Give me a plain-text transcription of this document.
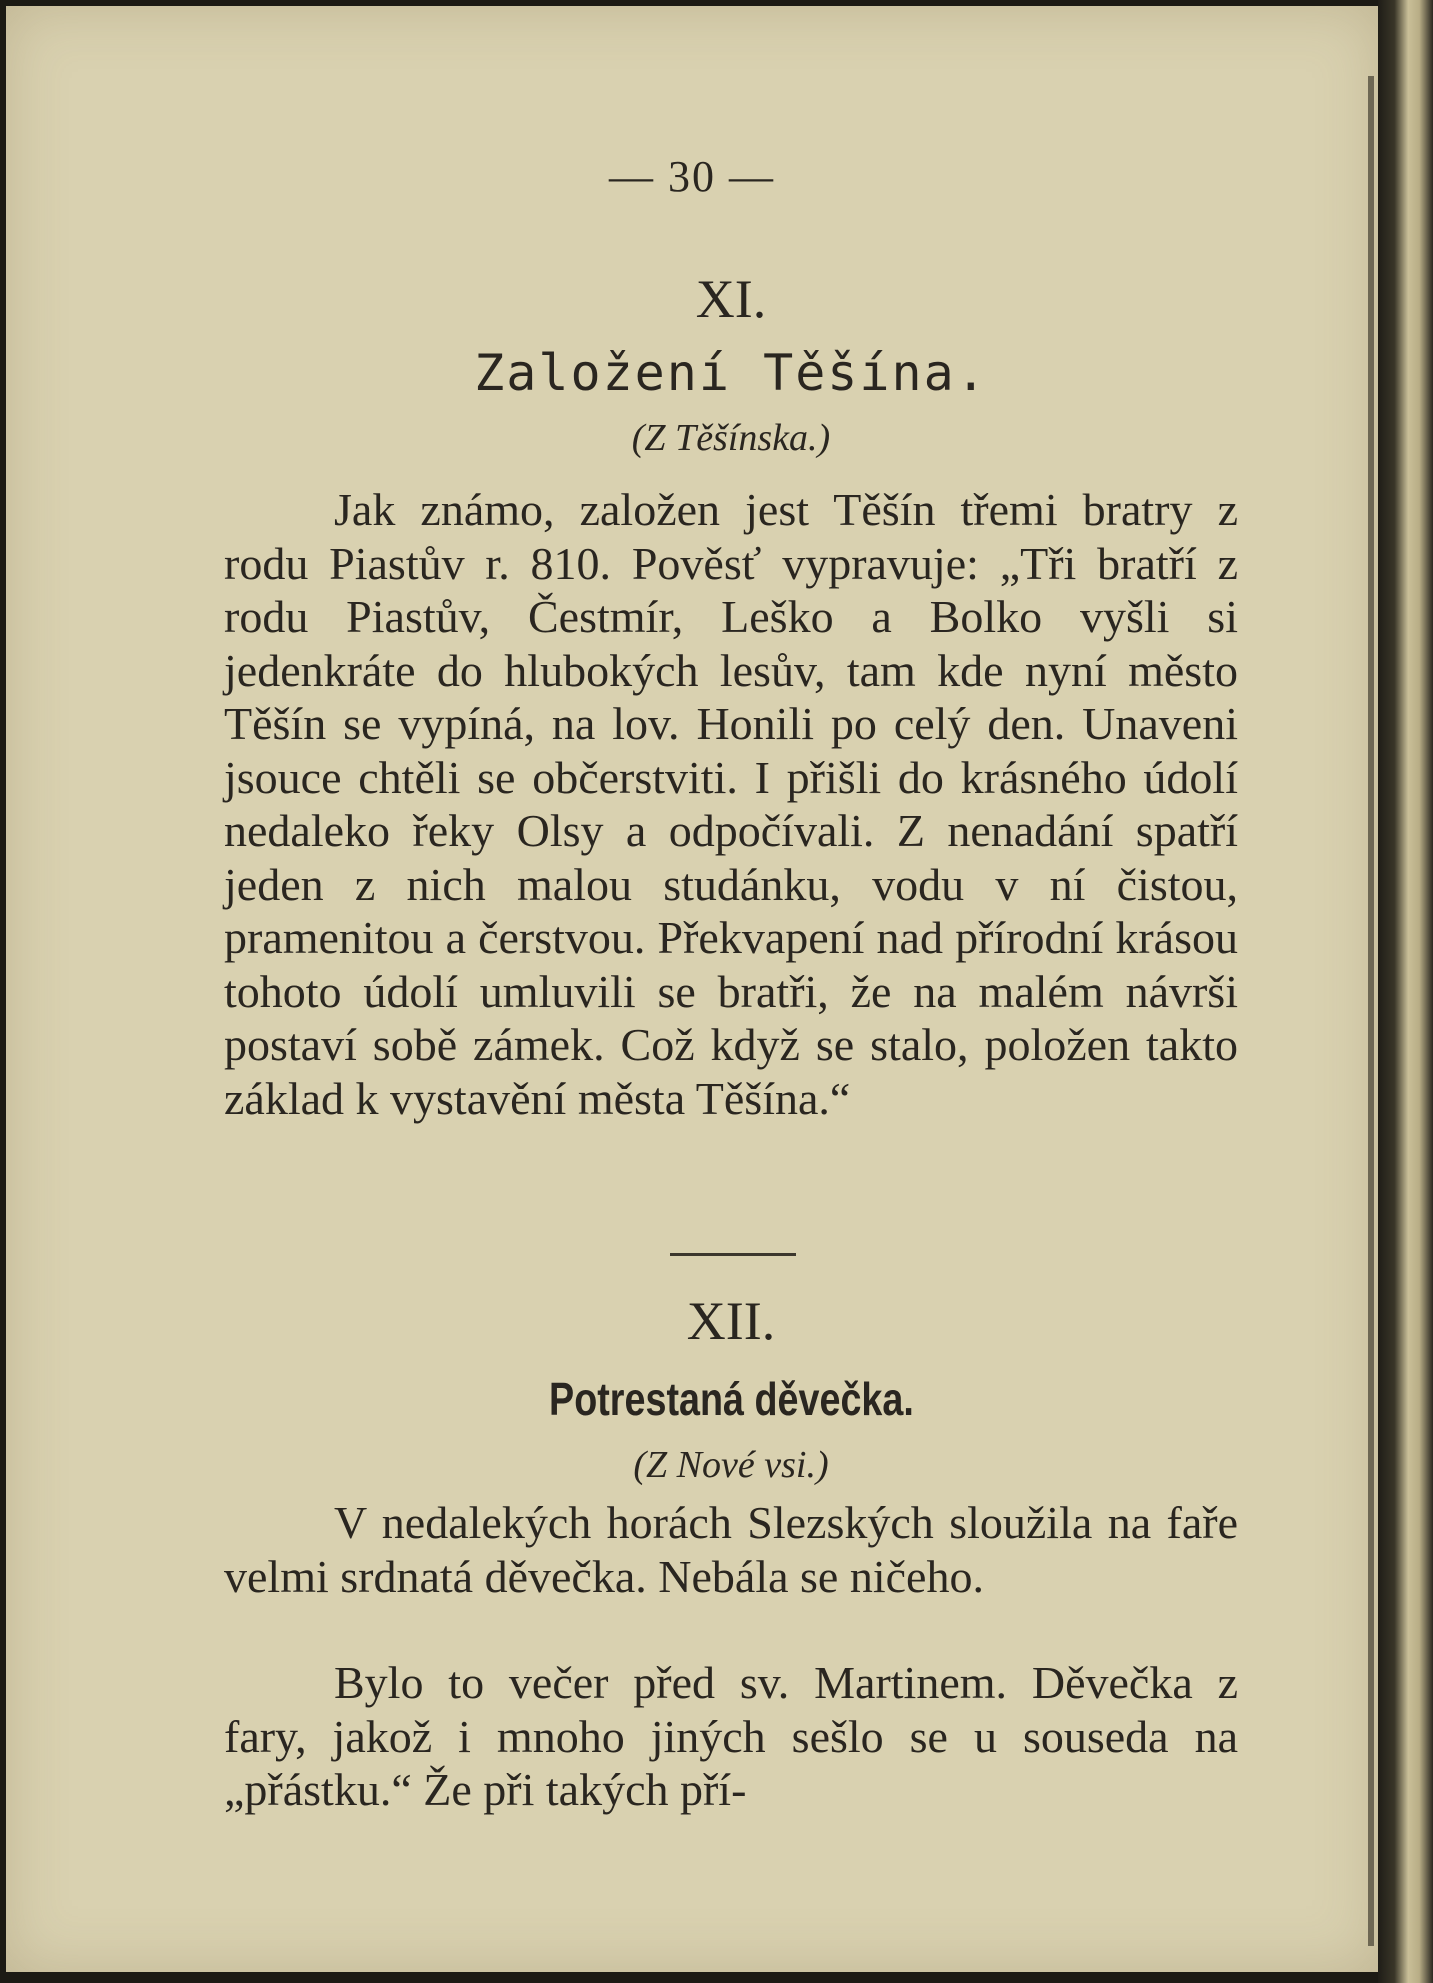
— 30 —
XI.
Založení Těšína.
(Z Těšínska.)

Jak známo, založen jest Těšín třemi bratry z rodu Piastův r. 810. Pověsť vypravuje: „Tři bratří z rodu Piastův, Čestmír, Leško a Bolko vyšli si jedenkráte do hlubokých lesův, tam kde nyní město Těšín se vypíná, na lov. Honili po celý den. Unaveni jsouce chtěli se občerstviti. I přišli do krásného údolí nedaleko řeky Olsy a odpočívali. Z nenadání spatří jeden z nich malou studánku, vodu v ní čistou, pramenitou a čerstvou. Překvapení nad přírodní krásou tohoto údolí umluvili se bratři, že na malém návrši postaví sobě zámek. Což když se stalo, položen takto základ k vystavění města Těšína.“

XII.
Potrestaná děvečka.
(Z Nové vsi.)

V nedalekých horách Slezských sloužila na faře velmi srdnatá děvečka. Nebála se ničeho.

Bylo to večer před sv. Martinem. Děvečka z fary, jakož i mnoho jiných sešlo se u souseda na „přástku.“ Že při takých pří-
